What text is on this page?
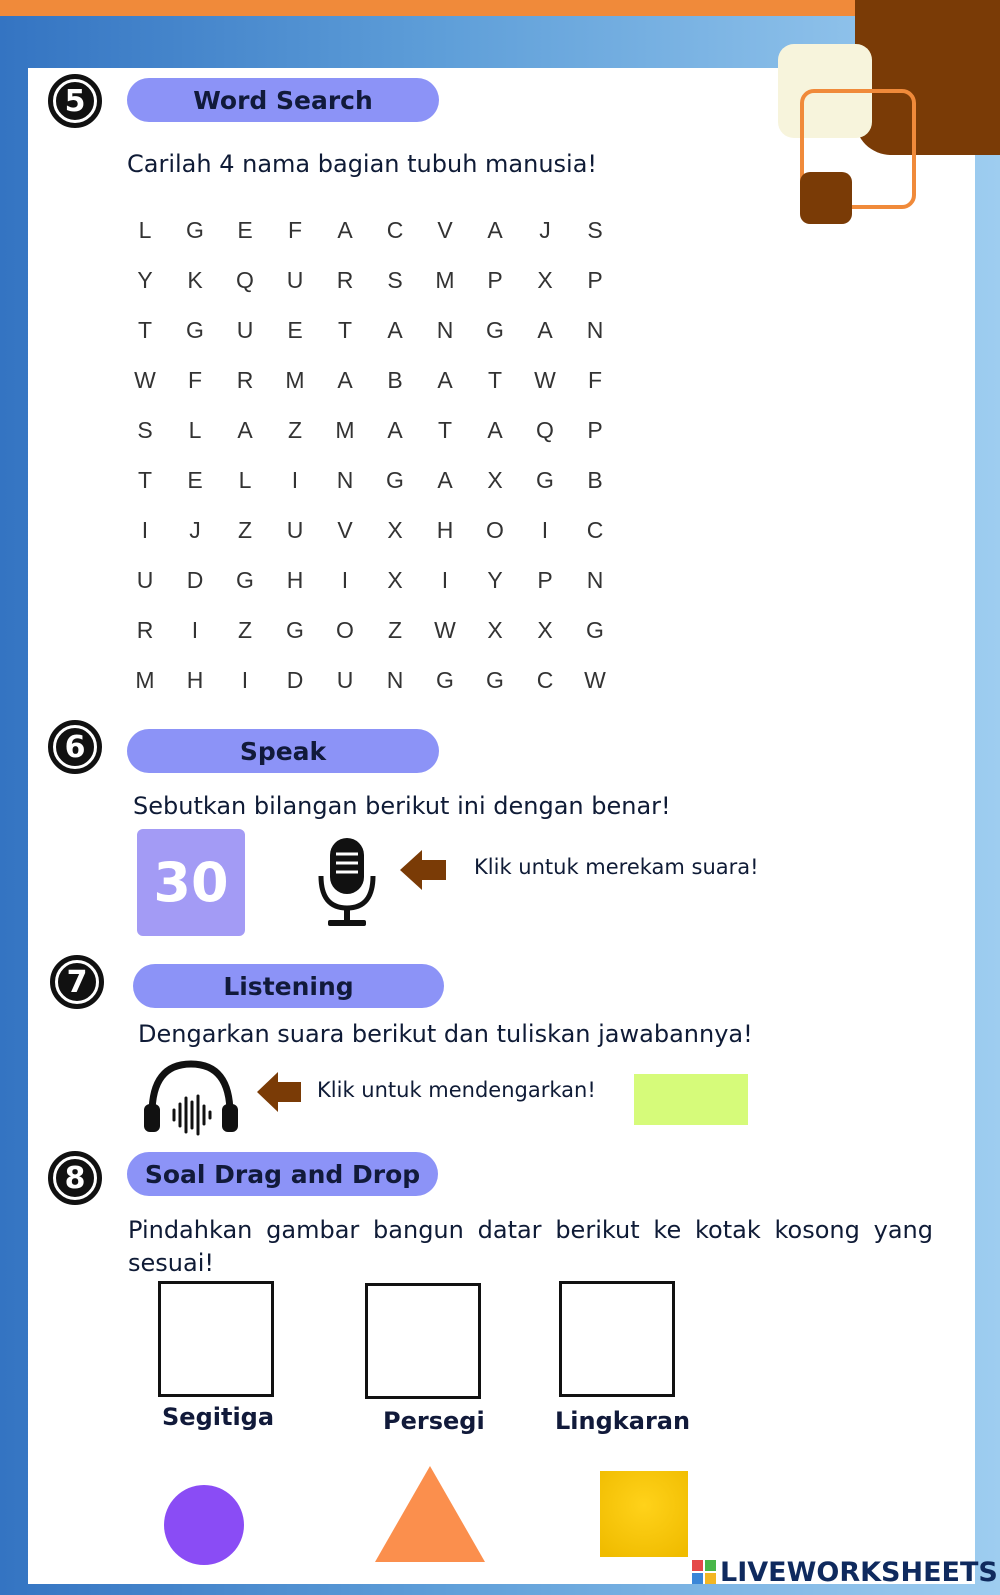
5	Word Search
Carilah 4 nama bagian tubuh manusia!
L	G	E	F	A	C	V	A	J	S
Y	K	Q	U	R	S	M	P	X	P
T	G	U	E	T	A	N	G	A	N
W	F	R	M	A	B	A	T	W	F
S	L	A	Z	M	A	T	A	Q	P
T	E	L	I	N	G	A	X	G	B
I	J	Z	U	V	X	H	O	I	C
U	D	G	H	I	X	I	Y	P	N
R	I	Z	G	O	Z	W	X	X	G
M	H	I	D	U	N	G	G	C	W
6	Speak
Sebutkan bilangan berikut ini dengan benar!
30	Klik untuk merekam suara!
7	Listening
Dengarkan suara berikut dan tuliskan jawabannya!
Klik untuk mendengarkan!
8	Soal Drag and Drop
Pindahkan gambar bangun datar berikut ke kotak kosong yang
sesuai!
Segitiga	Persegi	Lingkaran
LIVEWORKSHEETS
